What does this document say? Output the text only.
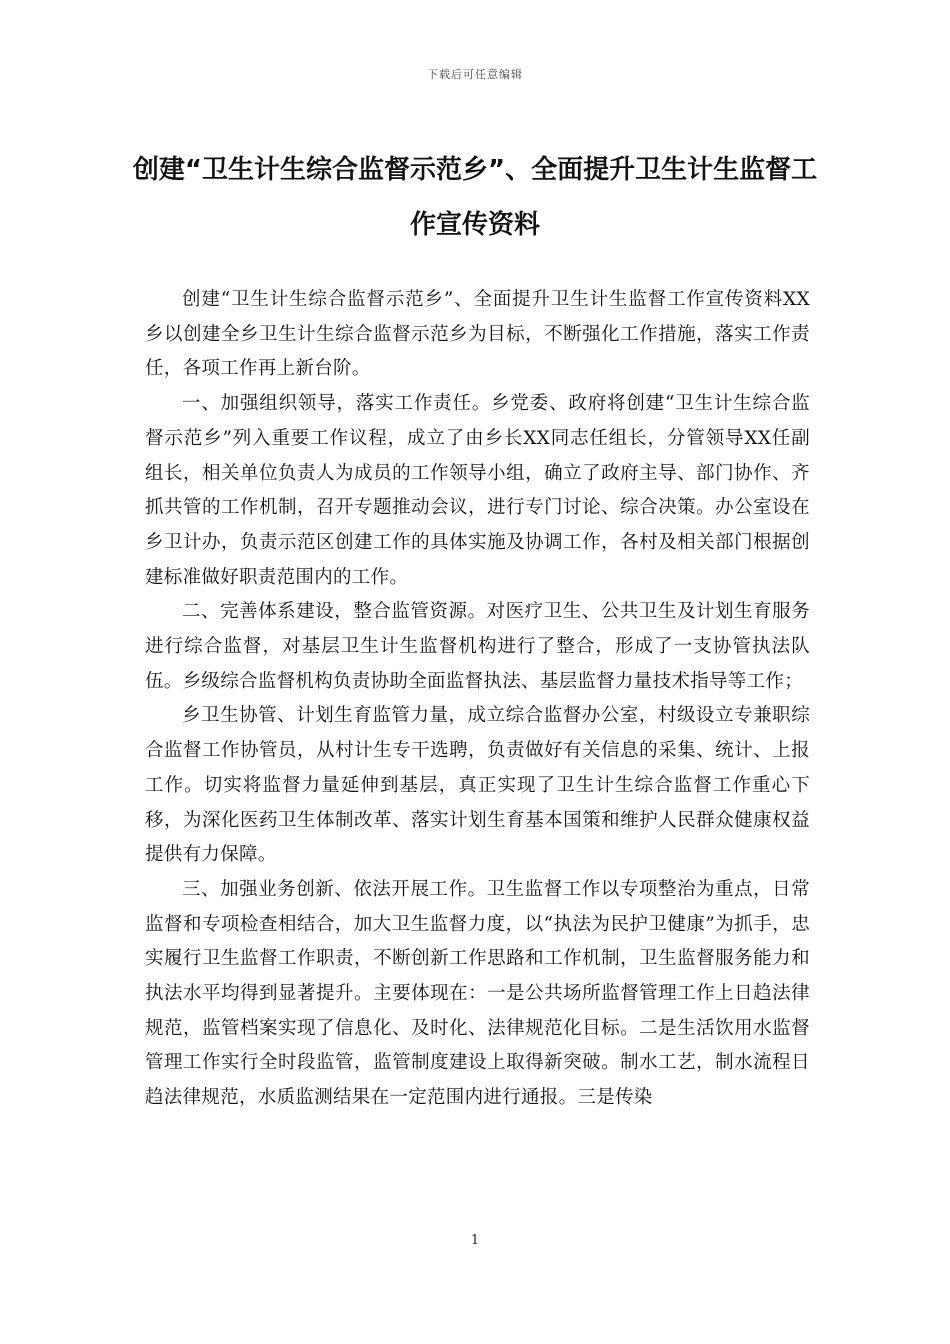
下载后可任意编辑
创建“卫生计生综合监督示范乡”、全面提升卫生计生监督工作宣传资料

创建“卫生计生综合监督示范乡”、全面提升卫生计生监督工作宣传资料XX乡以创建全乡卫生计生综合监督示范乡为目标，不断强化工作措施，落实工作责任，各项工作再上新台阶。

一、加强组织领导，落实工作责任。乡党委、政府将创建“卫生计生综合监督示范乡”列入重要工作议程，成立了由乡长XX同志任组长，分管领导XX任副组长，相关单位负责人为成员的工作领导小组，确立了政府主导、部门协作、齐抓共管的工作机制，召开专题推动会议，进行专门讨论、综合决策。办公室设在乡卫计办，负责示范区创建工作的具体实施及协调工作，各村及相关部门根据创建标准做好职责范围内的工作。

二、完善体系建设，整合监管资源。对医疗卫生、公共卫生及计划生育服务进行综合监督，对基层卫生计生监督机构进行了整合，形成了一支协管执法队伍。乡级综合监督机构负责协助全面监督执法、基层监督力量技术指导等工作；

乡卫生协管、计划生育监管力量，成立综合监督办公室，村级设立专兼职综合监督工作协管员，从村计生专干选聘，负责做好有关信息的采集、统计、上报工作。切实将监督力量延伸到基层，真正实现了卫生计生综合监督工作重心下移，为深化医药卫生体制改革、落实计划生育基本国策和维护人民群众健康权益提供有力保障。

三、加强业务创新、依法开展工作。卫生监督工作以专项整治为重点，日常监督和专项检查相结合，加大卫生监督力度，以“执法为民护卫健康”为抓手，忠实履行卫生监督工作职责，不断创新工作思路和工作机制，卫生监督服务能力和执法水平均得到显著提升。主要体现在：一是公共场所监督管理工作上日趋法律规范，监管档案实现了信息化、及时化、法律规范化目标。二是生活饮用水监督管理工作实行全时段监管，监管制度建设上取得新突破。制水工艺，制水流程日趋法律规范，水质监测结果在一定范围内进行通报。三是传染

1
